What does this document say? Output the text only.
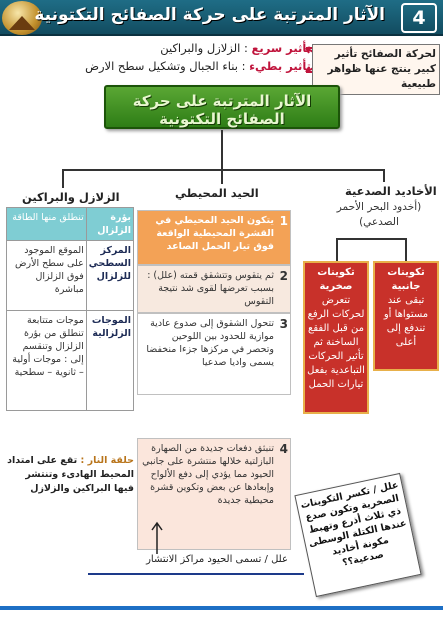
الآثار المترتبة على حركة الصفائح التكتونية	4
تأثير سريع : الزلازل والبراكين
تأثير بطيء : بناء الجبال وتشكيل سطح الارض
لحركة الصفائح تأثير كبير ينتج عنها ظواهر طبيعية
الآثار المترتبة على حركة الصفائح التكتونية
الزلازل والبراكين	الحيد المحيطي	الأخاديد الصدعية
(أخدود البحر الأحمر الصدعي)
بؤرة الزلزال	تنطلق منها الطاقة
المركز السطحي للزلزال	الموقع الموجود على سطح الأرض فوق الزلزال مباشرة
الموجات الزلزالية	موجات متتابعة تنطلق من بؤرة الزلزال وتنقسم إلى : موجات أولية – ثانوية – سطحية
حلقة النار : تقع على امتداد المحيط الهادىء وتنتشر فيها البراكين والزلازل
1
يتكون الحيد المحيطي في القشرة المحيطية الواقعة فوق تيار الحمل الصاعد
2
ثم يتقوس وتتشقق قمته (علل) : بسبب تعرضها لقوى شد نتيجة التقوس
3
تتحول الشقوق إلى صدوع عادية موازية للحدود بين اللوحين وتحصر في مركزها جزءا منخفضا يسمى واديا صدعيا
4
تنبثق دفعات جديدة من الصهارة البازلتية خلالها منتشرة على جانبي الحيود مما يؤدي إلى دفع الألواح وإبعادها عن بعض وتكوين قشرة محيطية جديدة
علل / تسمى الحيود مراكز الانتشار
تكوينات صخرية
تتعرض لحركات الرفع من قبل الفقع الساخنة ثم تأثير الحركات التباعدية بفعل تيارات الحمل
تكوينات جانبية
تبقى عند مستواها أو تندفع إلى أعلى
علل / تكسر التكوينات الصخرية وتكون صدع ذي ثلاث أذرع وتهبط عندها الكتلة الوسطى مكونة أخاديد صدعية؟؟
